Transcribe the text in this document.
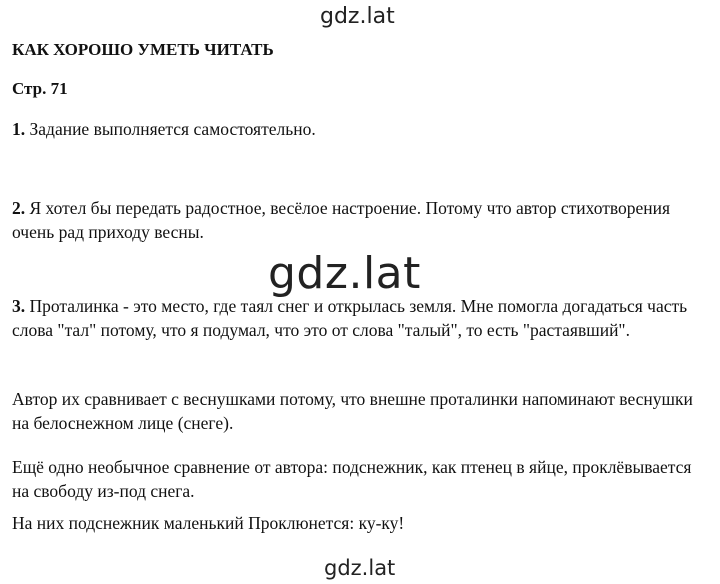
gdz.lat
КАК ХОРОШО УМЕТЬ ЧИТАТЬ
Стр. 71
1. Задание выполняется самостоятельно.
2. Я хотел бы передать радостное, весёлое настроение. Потому что автор стихотворения очень рад приходу весны.
gdz.lat
3. Проталинка - это место, где таял снег и открылась земля. Мне помогла догадаться часть слова "тал" потому, что я подумал, что это от слова "талый", то есть "растаявший".
Автор их сравнивает с веснушками потому, что внешне проталинки напоминают веснушки на белоснежном лице (снеге).
Ещё одно необычное сравнение от автора: подснежник, как птенец в яйце, проклёвывается на свободу из-под снега.
На них подснежник маленький Проклюнется: ку-ку!
gdz.lat
